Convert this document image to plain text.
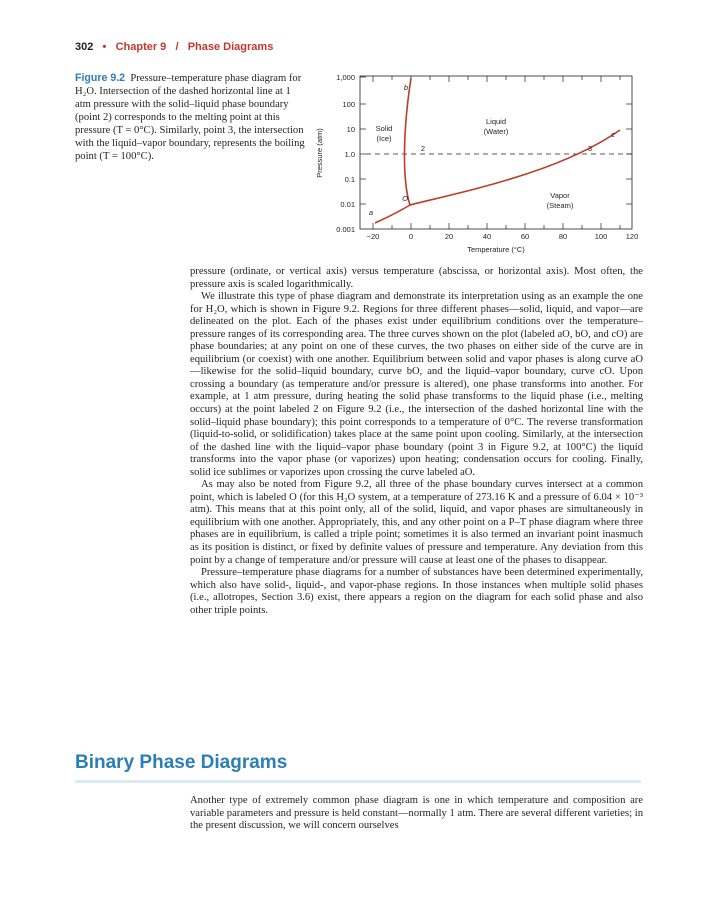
302 • Chapter 9 / Phase Diagrams
Figure 9.2 Pressure–temperature phase diagram for H₂O. Intersection of the dashed horizontal line at 1 atm pressure with the solid–liquid phase boundary (point 2) corresponds to the melting point at this pressure (T = 0°C). Similarly, point 3, the intersection with the liquid–vapor boundary, represents the boiling point (T = 100°C).
1,000
100
10
1.0
0.1
0.01
0.001
−20	0	20	40	60	80	100 120
Temperature (°C)
Pressure (atm)	Solid
(Ice)
Liquid
(Water)
Vapor
(Steam)
a
b
c
O
2	3

pressure (ordinate, or vertical axis) versus temperature (abscissa, or horizontal axis). Most often, the pressure axis is scaled logarithmically.

We illustrate this type of phase diagram and demonstrate its interpretation using as an example the one for H₂O, which is shown in Figure 9.2. Regions for three different phases—solid, liquid, and vapor—are delineated on the plot. Each of the phases exist under equilibrium conditions over the temperature–pressure ranges of its corresponding area. The three curves shown on the plot (labeled aO, bO, and cO) are phase boundaries; at any point on one of these curves, the two phases on either side of the curve are in equilibrium (or coexist) with one another. Equilibrium between solid and vapor phases is along curve aO—likewise for the solid–liquid boundary, curve bO, and the liquid–vapor boundary, curve cO. Upon crossing a boundary (as temperature and/or pressure is altered), one phase transforms into another. For example, at 1 atm pressure, during heating the solid phase transforms to the liquid phase (i.e., melting occurs) at the point labeled 2 on Figure 9.2 (i.e., the intersection of the dashed horizontal line with the solid–liquid phase boundary); this point corresponds to a temperature of 0°C. The reverse transformation (liquid-to-solid, or solidification) takes place at the same point upon cooling. Similarly, at the intersection of the dashed line with the liquid–vapor phase boundary (point 3 in Figure 9.2, at 100°C) the liquid transforms into the vapor phase (or vaporizes) upon heating; condensation occurs for cooling. Finally, solid ice sublimes or vaporizes upon crossing the curve labeled aO.

As may also be noted from Figure 9.2, all three of the phase boundary curves intersect at a common point, which is labeled O (for this H₂O system, at a temperature of 273.16 K and a pressure of 6.04 × 10⁻³ atm). This means that at this point only, all of the solid, liquid, and vapor phases are simultaneously in equilibrium with one another. Appropriately, this, and any other point on a P–T phase diagram where three phases are in equilibrium, is called a triple point; sometimes it is also termed an invariant point inasmuch as its position is distinct, or fixed by definite values of pressure and temperature. Any deviation from this point by a change of temperature and/or pressure will cause at least one of the phases to disappear.

Pressure–temperature phase diagrams for a number of substances have been determined experimentally, which also have solid-, liquid-, and vapor-phase regions. In those instances when multiple solid phases (i.e., allotropes, Section 3.6) exist, there appears a region on the diagram for each solid phase and also other triple points.

Binary Phase Diagrams

Another type of extremely common phase diagram is one in which temperature and composition are variable parameters and pressure is held constant—normally 1 atm. There are several different varieties; in the present discussion, we will concern ourselves
